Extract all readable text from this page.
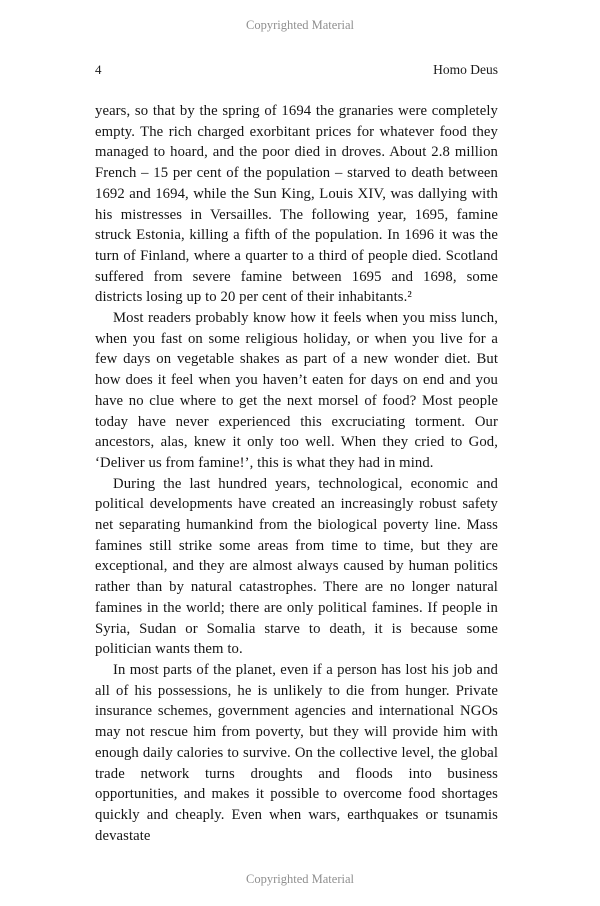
Copyrighted Material
4	Homo Deus

years, so that by the spring of 1694 the granaries were completely empty. The rich charged exorbitant prices for whatever food they managed to hoard, and the poor died in droves. About 2.8 million French – 15 per cent of the population – starved to death between 1692 and 1694, while the Sun King, Louis XIV, was dallying with his mistresses in Versailles. The following year, 1695, famine struck Estonia, killing a fifth of the population. In 1696 it was the turn of Finland, where a quarter to a third of people died. Scotland suffered from severe famine between 1695 and 1698, some districts losing up to 20 per cent of their inhabitants.²

Most readers probably know how it feels when you miss lunch, when you fast on some religious holiday, or when you live for a few days on vegetable shakes as part of a new wonder diet. But how does it feel when you haven’t eaten for days on end and you have no clue where to get the next morsel of food? Most people today have never experienced this excruciating torment. Our ancestors, alas, knew it only too well. When they cried to God, ‘Deliver us from famine!’, this is what they had in mind.

During the last hundred years, technological, economic and political developments have created an increasingly robust safety net separating humankind from the biological poverty line. Mass famines still strike some areas from time to time, but they are exceptional, and they are almost always caused by human politics rather than by natural catastrophes. There are no longer natural famines in the world; there are only political famines. If people in Syria, Sudan or Somalia starve to death, it is because some politician wants them to.

In most parts of the planet, even if a person has lost his job and all of his possessions, he is unlikely to die from hunger. Private insurance schemes, government agencies and international NGOs may not rescue him from poverty, but they will provide him with enough daily calories to survive. On the collective level, the global trade network turns droughts and floods into business opportunities, and makes it possible to overcome food shortages quickly and cheaply. Even when wars, earthquakes or tsunamis devastate

Copyrighted Material
